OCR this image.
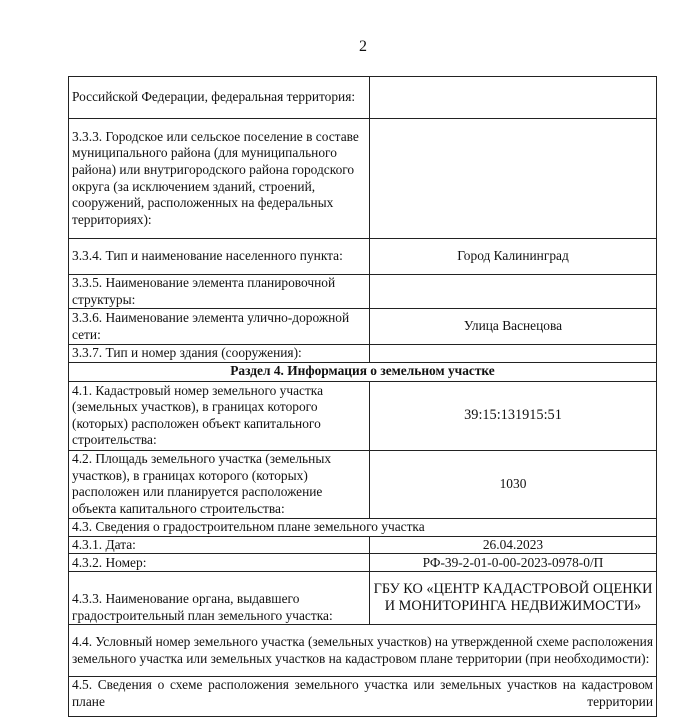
2
Российской Федерации, федеральная территория:	
3.3.3. Городское или сельское поселение в составе муниципального района (для муниципального района) или внутригородского района городского округа (за исключением зданий, строений, сооружений, расположенных на федеральных территориях):	
3.3.4. Тип и наименование населенного пункта:	Город Калининград
3.3.5. Наименование элемента планировочной структуры:	
3.3.6. Наименование элемента улично-дорожной сети:	Улица Васнецова
3.3.7. Тип и номер здания (сооружения):	
Раздел 4. Информация о земельном участке	
4.1. Кадастровый номер земельного участка (земельных участков), в границах которого (которых) расположен объект капитального строительства:	39:15:131915:51
4.2. Площадь земельного участка (земельных участков), в границах которого (которых) расположен или планируется расположение объекта капитального строительства:	1030
4.3. Сведения о градостроительном плане земельного участка	
4.3.1. Дата:	26.04.2023
4.3.2. Номер:	РФ-39-2-01-0-00-2023-0978-0/П
4.3.3. Наименование органа, выдавшего градостроительный план земельного участка:	ГБУ КО «ЦЕНТР КАДАСТРОВОЙ ОЦЕНКИ И МОНИТОРИНГА НЕДВИЖИМОСТИ»
4.4. Условный номер земельного участка (земельных участков) на утвержденной схеме расположения земельного участка или земельных участков на кадастровом плане территории (при необходимости):	
4.5. Сведения о схеме расположения земельного участка или земельных участков на кадастровом плане территории	
